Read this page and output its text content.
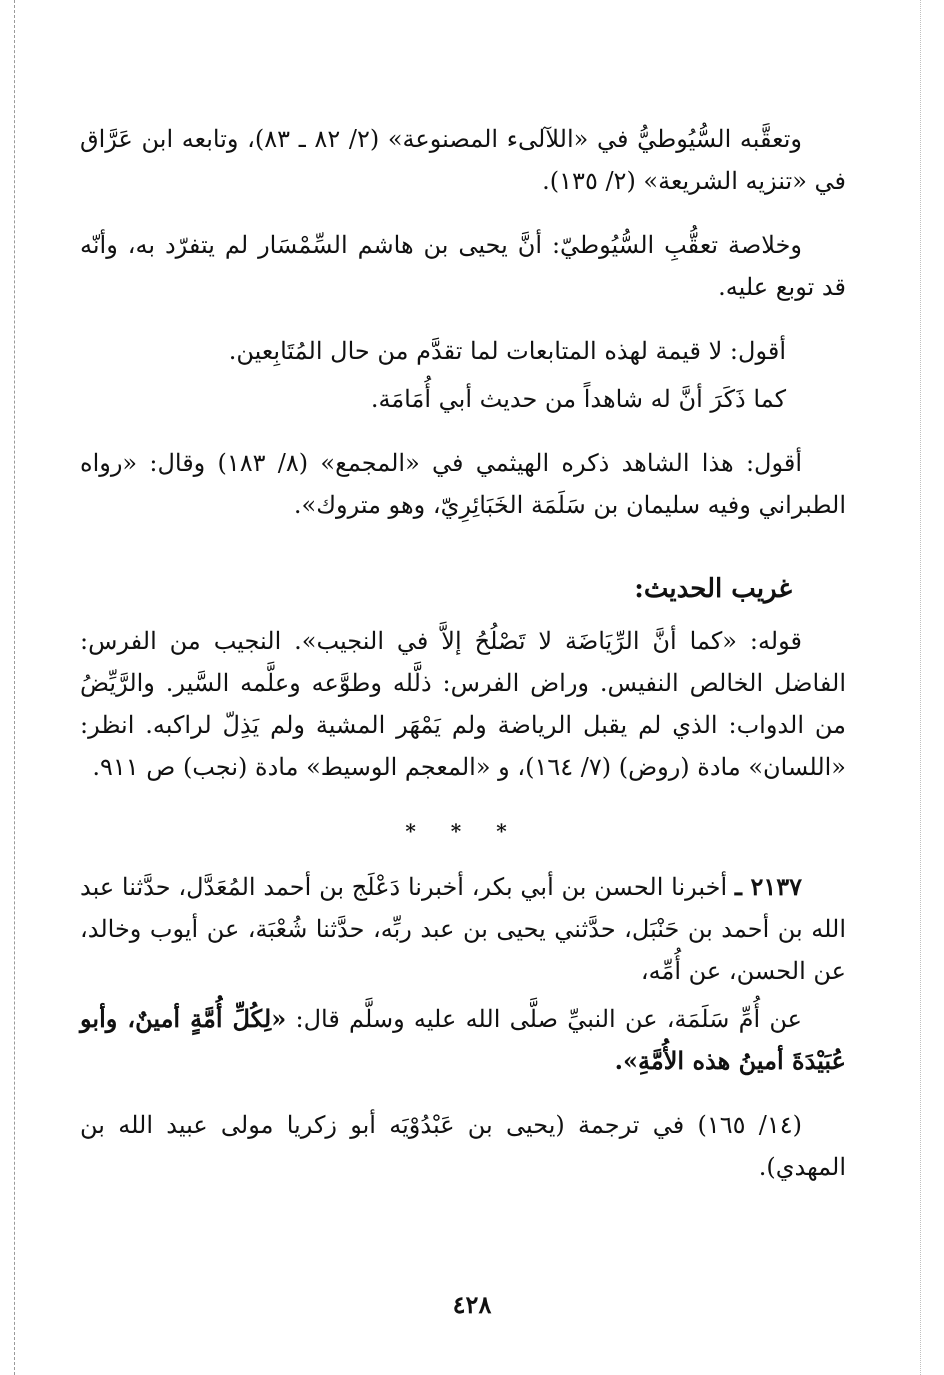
وتعقَّبه السُّيُوطيُّ في «اللآلىء المصنوعة» (٢/ ٨٢ ـ ٨٣)، وتابعه ابن عَرَّاق في «تنزيه الشريعة» (٢/ ١٣٥).

وخلاصة تعقُّبِ السُّيُوطيّ: أنَّ يحيى بن هاشم السِّمْسَار لم يتفرّد به، وأنّه قد توبع عليه.

أقول: لا قيمة لهذه المتابعات لما تقدَّم من حال المُتَابِعين.

كما ذَكَرَ أنَّ له شاهداً من حديث أبي أُمَامَة.

أقول: هذا الشاهد ذكره الهيثمي في «المجمع» (٨/ ١٨٣) وقال: «رواه الطبراني وفيه سليمان بن سَلَمَة الخَبَائِرِيّ، وهو متروك».

غريب الحديث:

قوله: «كما أنَّ الرِّيَاضَة لا تَصْلُحُ إلاَّ في النجيب». النجيب من الفرس: الفاضل الخالص النفيس. وراض الفرس: ذلَّله وطوَّعه وعلَّمه السَّير. والرَّيِّضُ من الدواب: الذي لم يقبل الرياضة ولم يَمْهَر المشية ولم يَذِلّ لراكبه. انظر: «اللسان» مادة (روض) (٧/ ١٦٤)، و «المعجم الوسيط» مادة (نجب) ص ٩١١.

* * *

٢١٣٧ ـ أخبرنا الحسن بن أبي بكر، أخبرنا دَعْلَج بن أحمد المُعَدَّل، حدَّثنا عبد الله بن أحمد بن حَنْبَل، حدَّثني يحيى بن عبد ربِّه، حدَّثنا شُعْبَة، عن أيوب وخالد، عن الحسن، عن أُمِّه،

عن أُمِّ سَلَمَة، عن النبيِّ صلَّى الله عليه وسلَّم قال: «لِكُلِّ أُمَّةٍ أمينٌ، وأبو عُبَيْدَةَ أمينُ هذه الأُمَّةِ».

(١٤/ ١٦٥) في ترجمة (يحيى بن عَبْدُوْيَه أبو زكريا مولى عبيد الله بن المهدي).

٤٢٨
